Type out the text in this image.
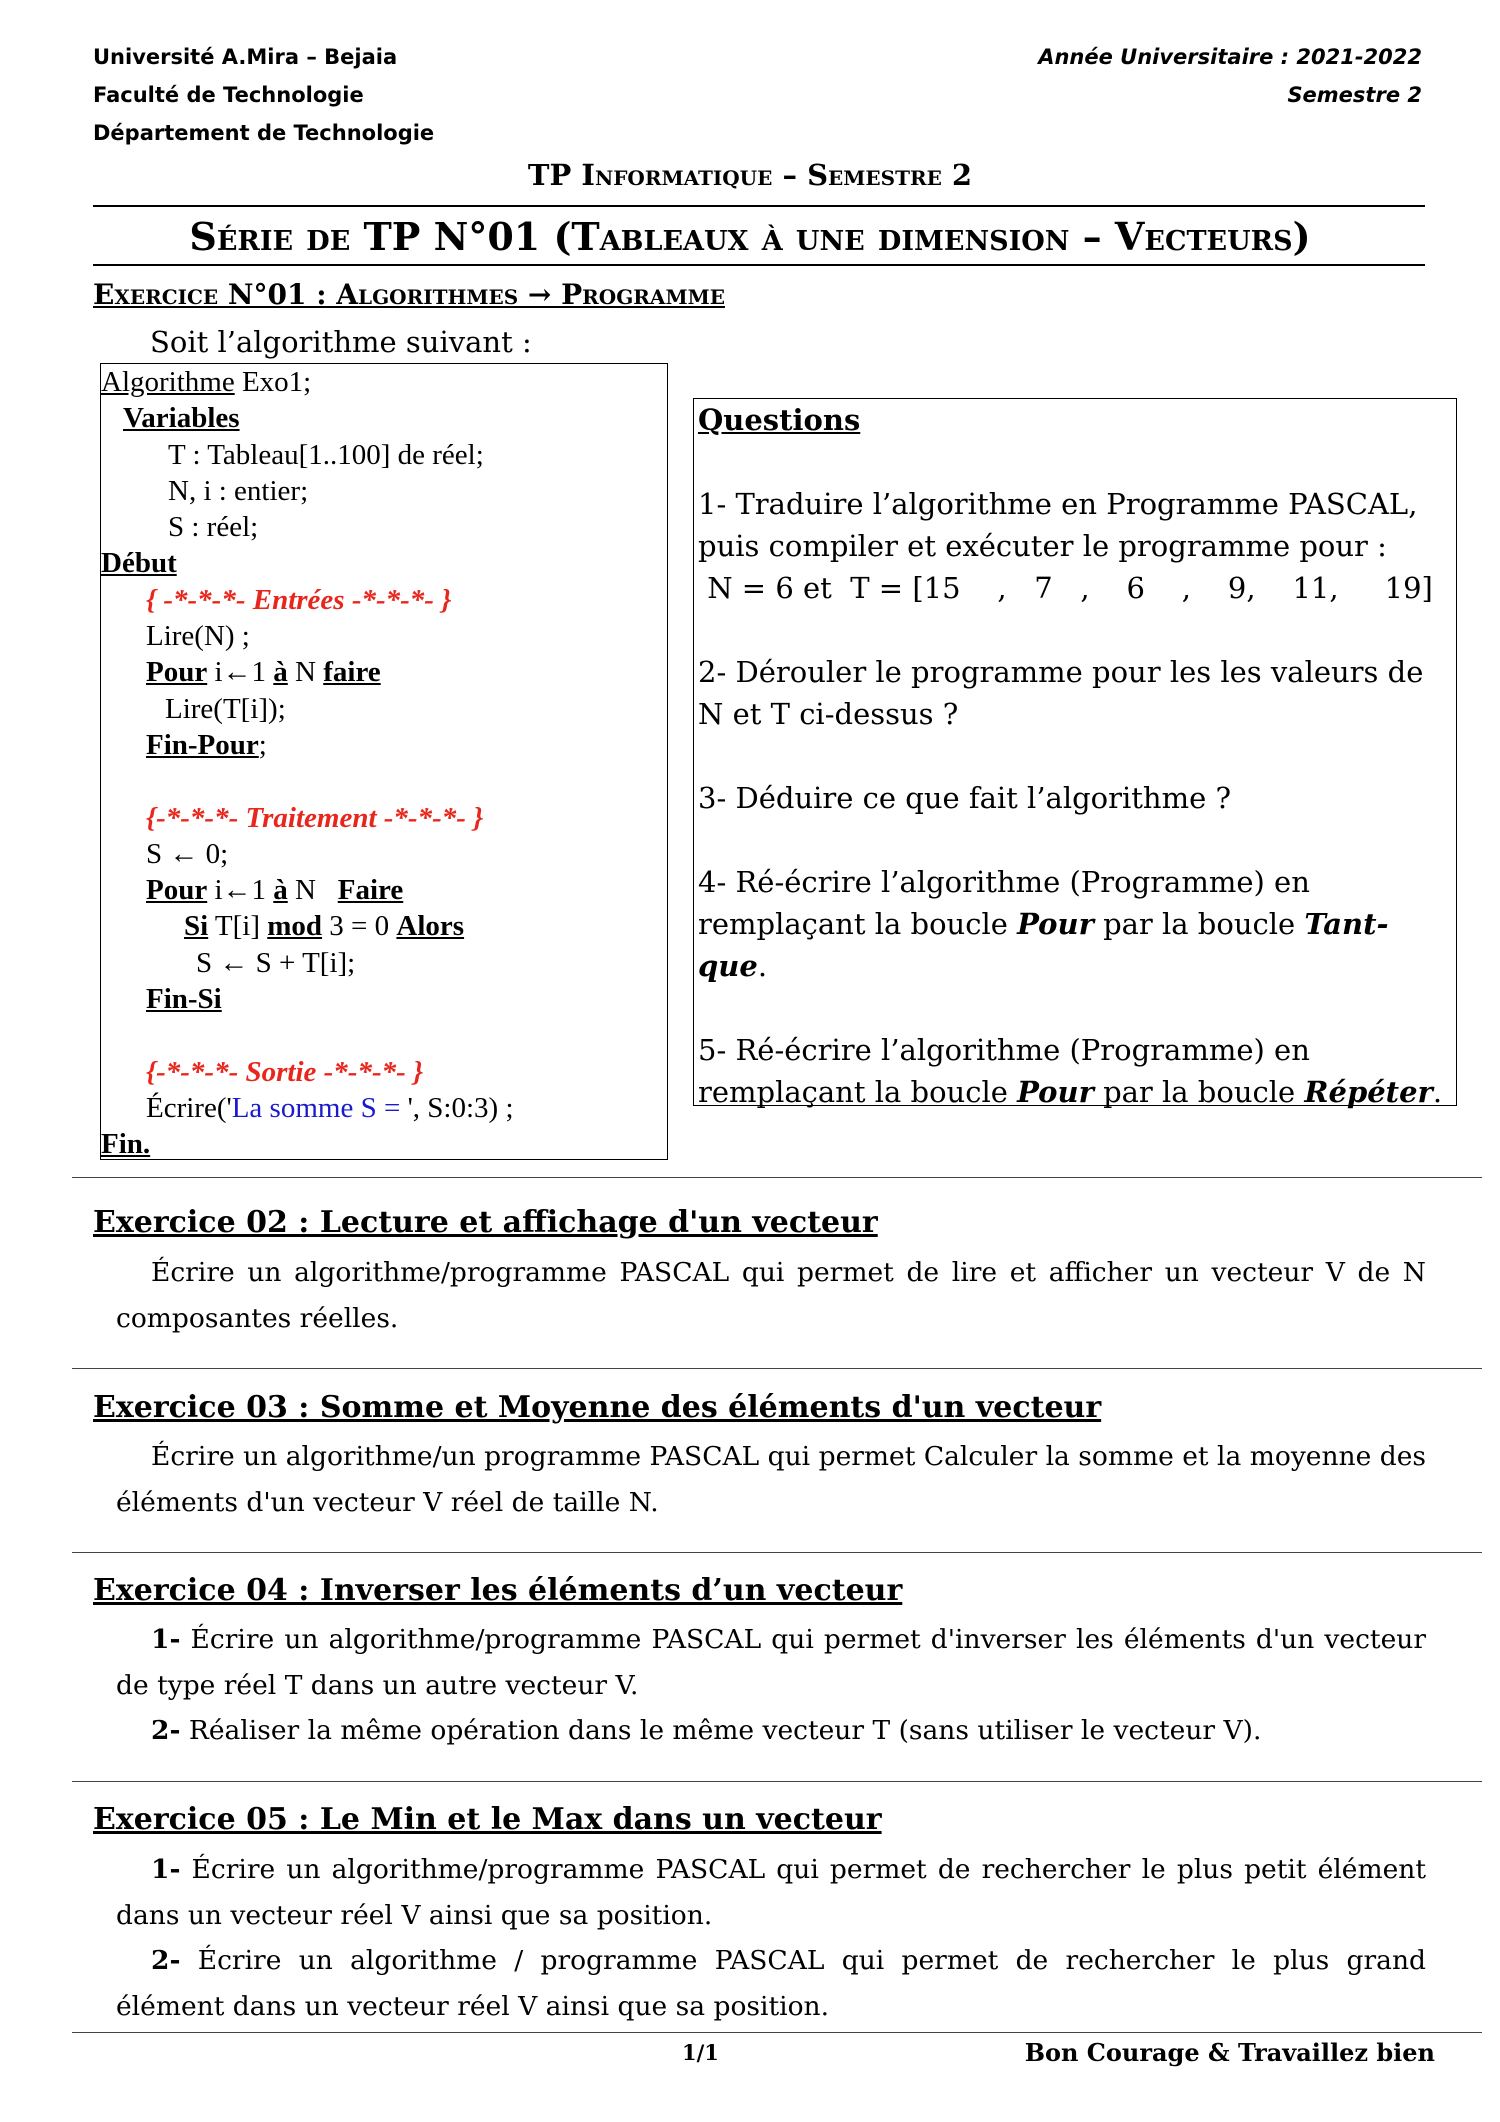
Université A.Mira – Bejaia
Faculté de Technologie
Département de Technologie
Année Universitaire : 2021-2022
Semestre 2
TP Informatique – Semestre 2
Série de TP N°01 (Tableaux à une dimension – Vecteurs)
Exercice N°01 : Algorithmes → Programme
Soit l’algorithme suivant :
Algorithme Exo1;
Variables
T : Tableau[1..100] de réel;
N, i : entier;
S : réel;
Début
{ -*-*-*- Entrées -*-*-*- }
Lire(N) ;
Pour i←1 à N faire
Lire(T[i]);
Fin-Pour;
{-*-*-*- Traitement -*-*-*- }
S ← 0;
Pour i←1 à N   Faire
Si T[i] mod 3 = 0 Alors
S ← S + T[i];
Fin-Si
{-*-*-*- Sortie -*-*-*- }
Écrire('La somme S = ', S:0:3) ;
Fin.

Questions

1- Traduire l’algorithme en Programme PASCAL,

puis compiler et exécuter le programme pour :

N = 6 et  T = [15    ,   7   ,    6    ,    9,    11,     19]

2- Dérouler le programme pour les les valeurs de

N et T ci-dessus ?

3- Déduire ce que fait l’algorithme ?

4- Ré-écrire l’algorithme (Programme) en

remplaçant la boucle Pour par la boucle Tant-

que.

5- Ré-écrire l’algorithme (Programme) en

remplaçant la boucle Pour par la boucle Répéter.

Exercice 02 : Lecture et affichage d'un vecteur

Écrire un algorithme/programme PASCAL qui permet de lire et afficher un vecteur V de N composantes réelles.

Exercice 03 : Somme et Moyenne des éléments d'un vecteur

Écrire un algorithme/un programme PASCAL qui permet Calculer la somme et la moyenne des éléments d'un vecteur V réel de taille N.

Exercice 04 : Inverser les éléments d’un vecteur

1- Écrire un algorithme/programme PASCAL qui permet d'inverser les éléments d'un vecteur de type réel T dans un autre vecteur V.

2- Réaliser la même opération dans le même vecteur T (sans utiliser le vecteur V).

Exercice 05 : Le Min et le Max dans un vecteur

1- Écrire un algorithme/programme PASCAL qui permet de rechercher le plus petit élément dans un vecteur réel V ainsi que sa position.

2- Écrire un algorithme / programme PASCAL qui permet de rechercher le plus grand élément dans un vecteur réel V ainsi que sa position.

1/1	Bon Courage & Travaillez bien
